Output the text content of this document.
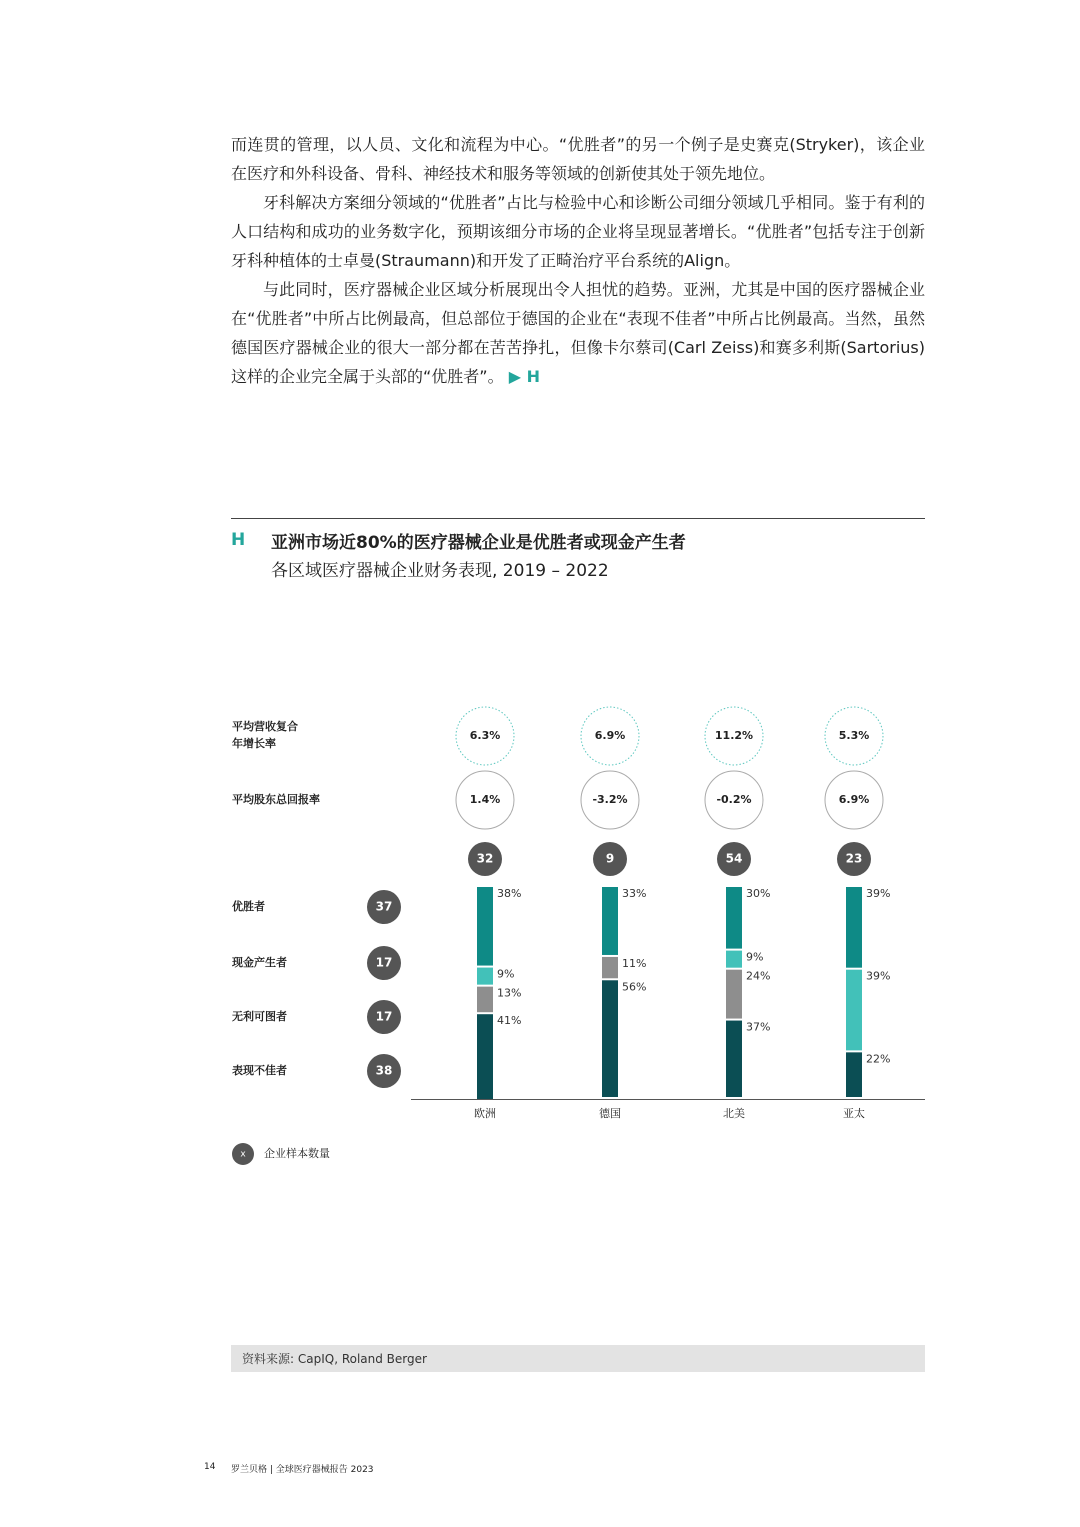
而连贯的管理，以人员、文化和流程为中心。“优胜者”的另一个例子是史赛克(Stryker)，该企业在医疗和外科设备、骨科、神经技术和服务等领域的创新使其处于领先地位。

牙科解决方案细分领域的“优胜者”占比与检验中心和诊断公司细分领域几乎相同。鉴于有利的人口结构和成功的业务数字化，预期该细分市场的企业将呈现显著增长。“优胜者”包括专注于创新牙科种植体的士卓曼(Straumann)和开发了正畸治疗平台系统的Align。

与此同时，医疗器械企业区域分析展现出令人担忧的趋势。亚洲，尤其是中国的医疗器械企业在“优胜者”中所占比例最高，但总部位于德国的企业在“表现不佳者”中所占比例最高。当然，虽然德国医疗器械企业的很大一部分都在苦苦挣扎，但像卡尔蔡司(Carl Zeiss)和赛多利斯(Sartorius)这样的企业完全属于头部的“优胜者”。 ▶ H

H 亚洲市场近80%的医疗器械企业是优胜者或现金产生者
各区域医疗器械企业财务表现, 2019 – 2022
平均营收复合
年增长率
6.3%	6.9%	11.2%	5.3%
平均股东总回报率	1.4%	-3.2%	-0.2%	6.9%
32	9	54	23
优胜者	37
现金产生者	17
无利可图者	17
表现不佳者	38
38%
9%
13%
41%
欧洲
33%
11%
56%
德国
30%
9%
24%
37%
北美
39%
39%
22%
亚太
x 企业样本数量
资料来源: CapIQ, Roland Berger
14 罗兰贝格 | 全球医疗器械报告 2023
